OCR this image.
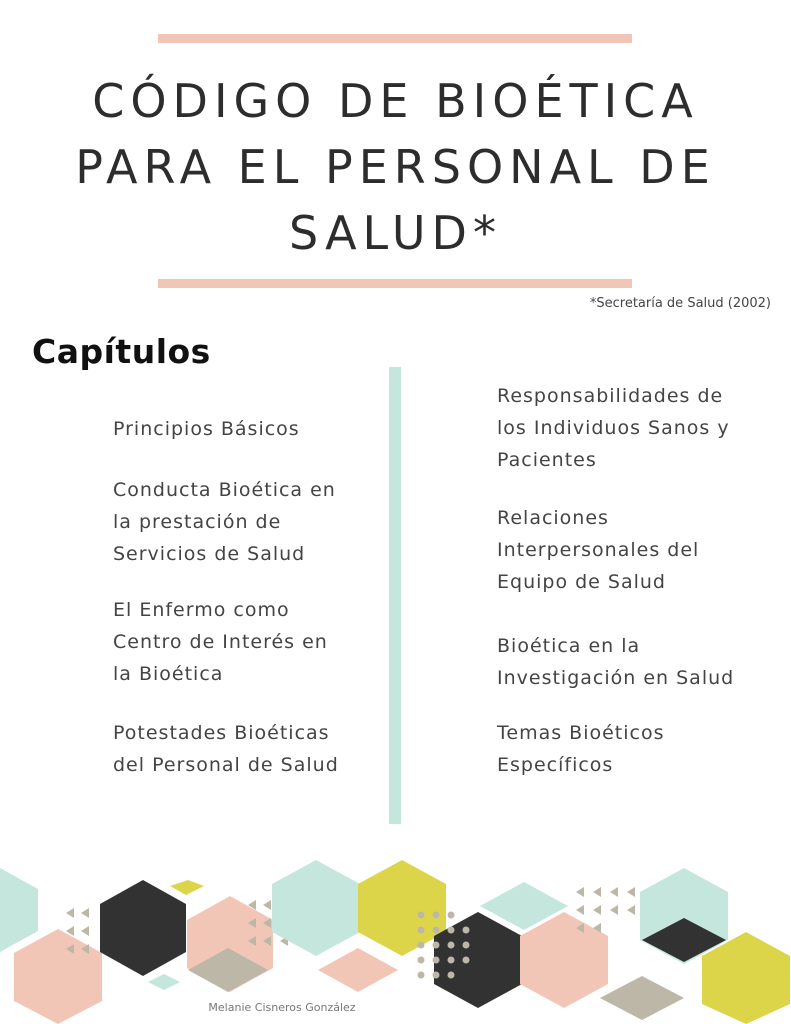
CÓDIGO DE BIOÉTICA
PARA EL PERSONAL DE
SALUD*
*Secretaría de Salud (2002)
Capítulos
Principios Básicos
Conducta Bioética en
la prestación de
Servicios de Salud
El Enfermo como
Centro de Interés en
la Bioética
Potestades Bioéticas
del Personal de Salud
Responsabilidades de
los Individuos Sanos y
Pacientes
Relaciones
Interpersonales del
Equipo de Salud
Bioética en la
Investigación en Salud
Temas Bioéticos
Específicos
Melanie Cisneros González
